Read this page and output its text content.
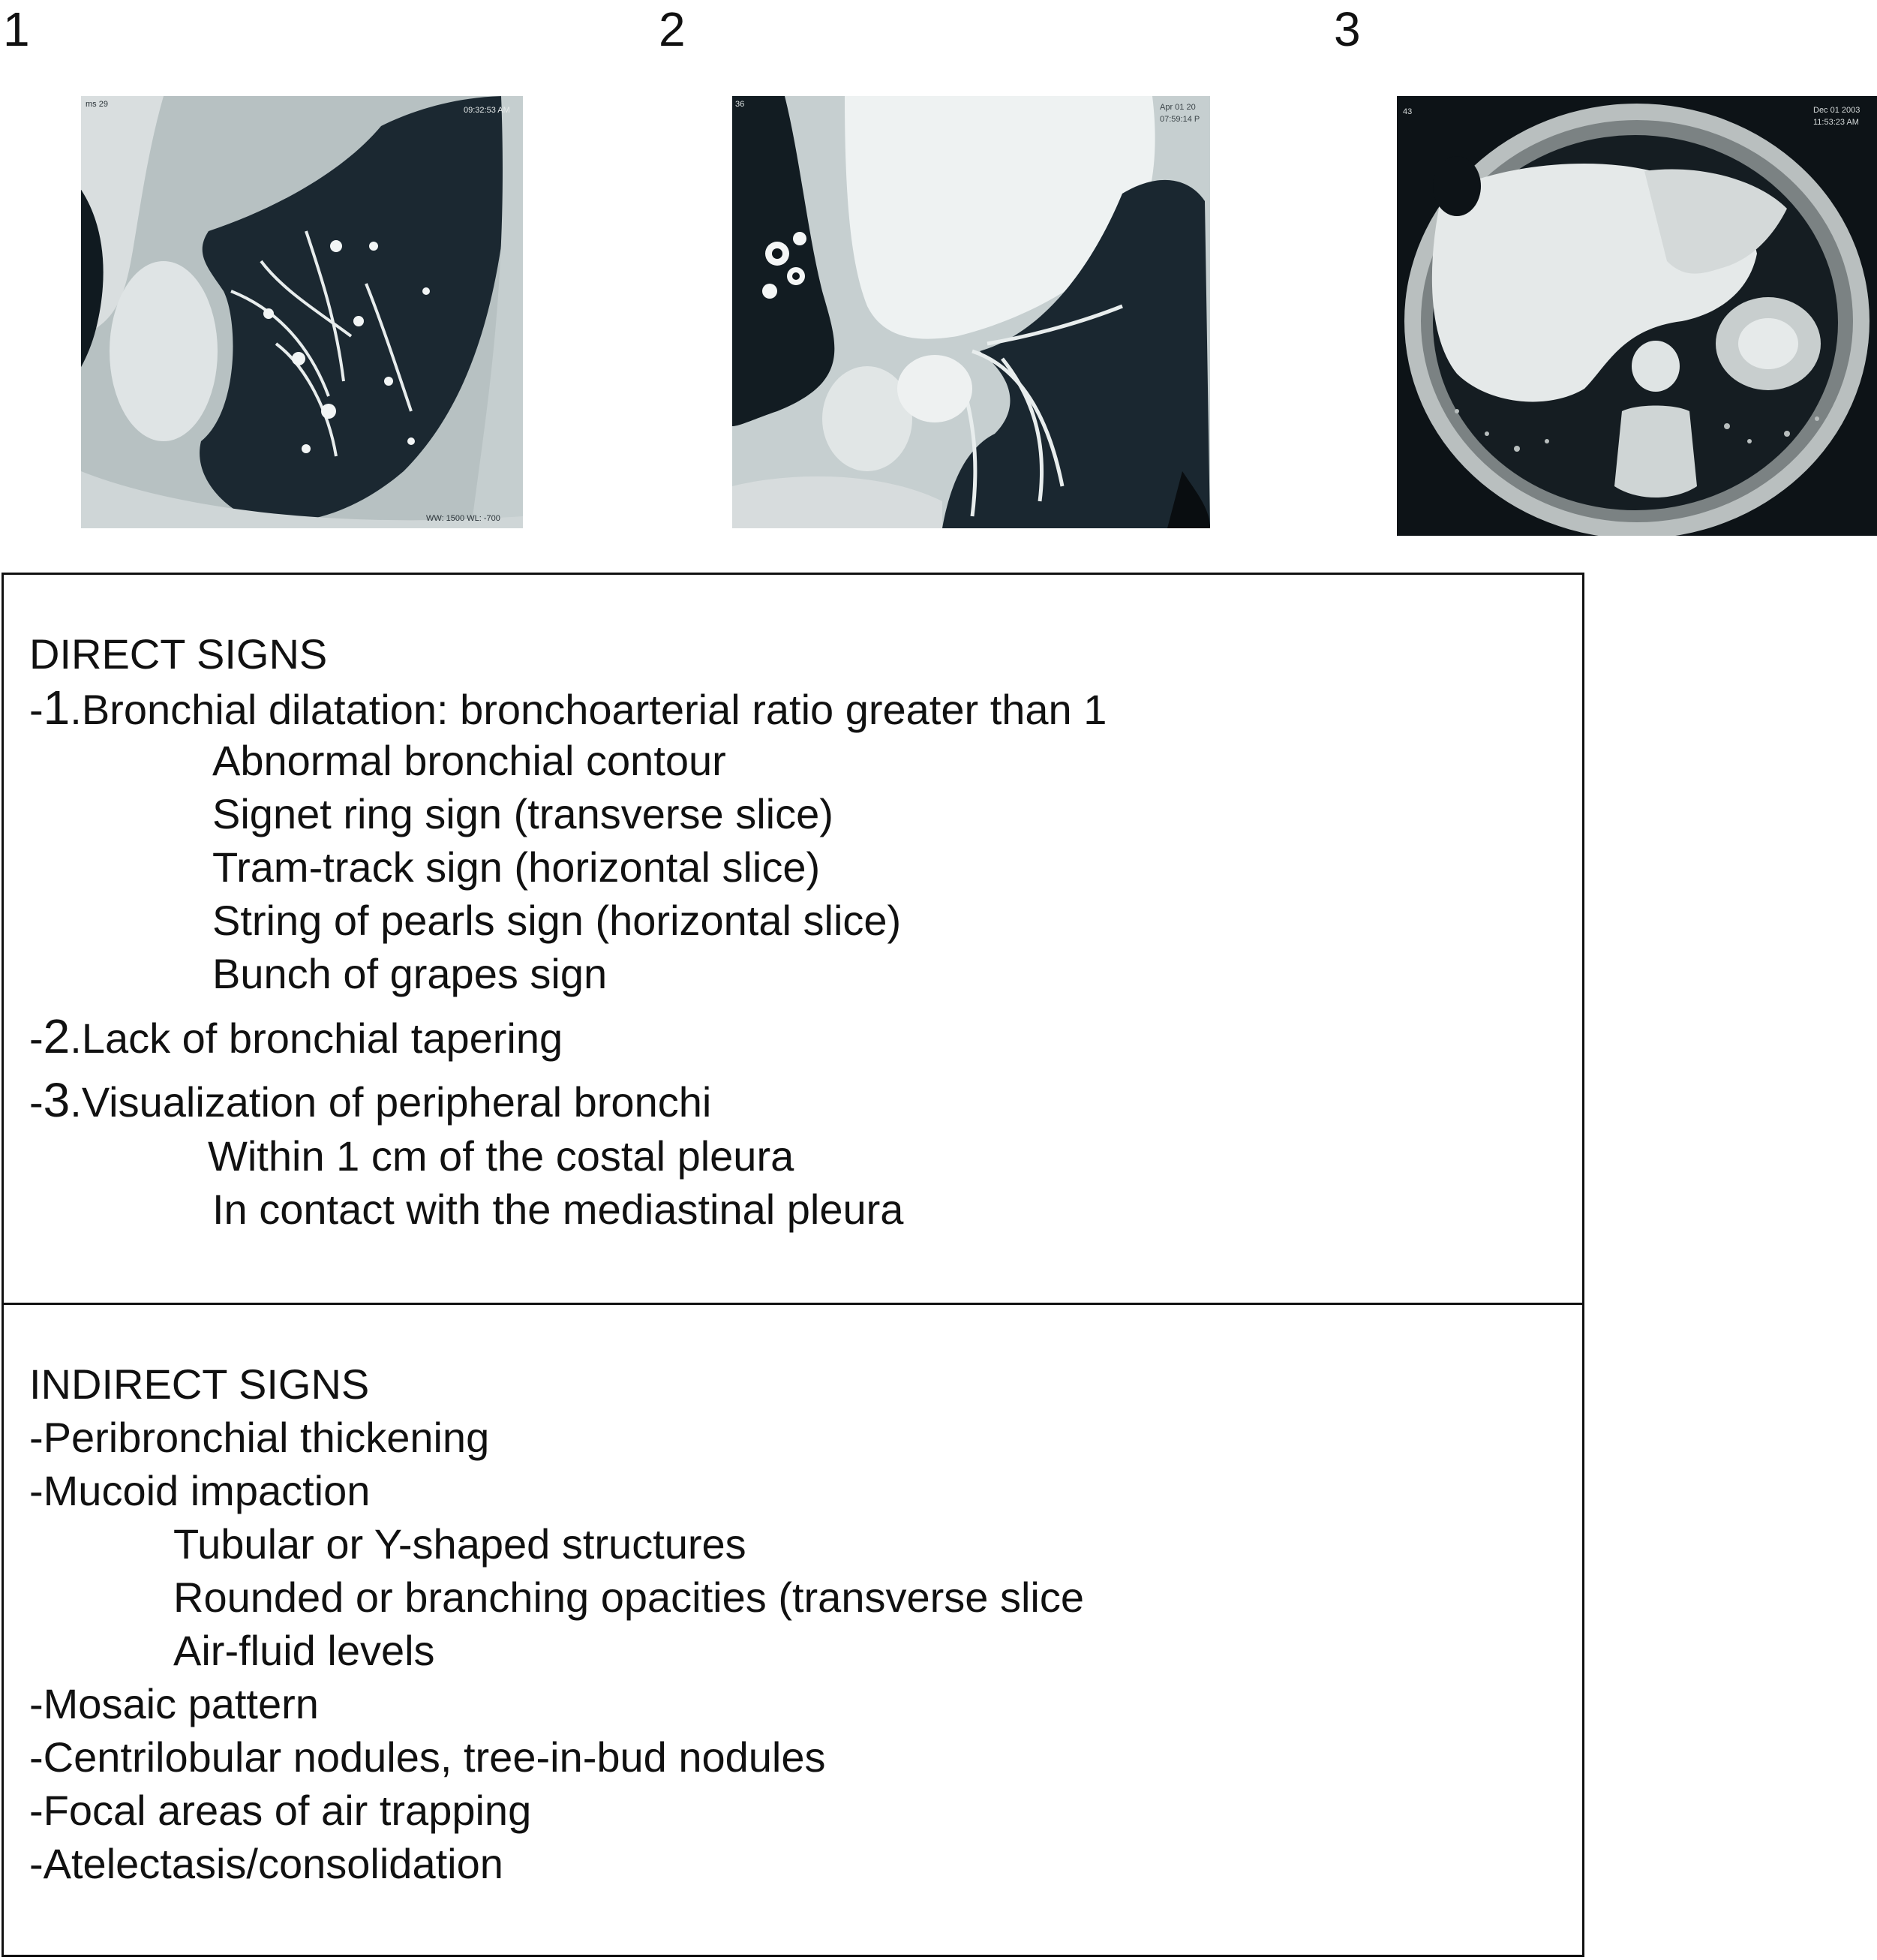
1	2	3
ms 29
09:32:53 AM
WW: 1500 WL: -700
36	Apr 01 20
07:59:14 P
43	Dec 01 2003
11:53:23 AM
DIRECT SIGNS
-1.Bronchial dilatation: bronchoarterial ratio greater than 1
Abnormal bronchial contour
Signet ring sign (transverse slice)
Tram-track sign (horizontal slice)
String of pearls sign (horizontal slice)
Bunch of grapes sign
-2.Lack of bronchial tapering
-3.Visualization of peripheral bronchi
Within 1 cm of the costal pleura
In contact with the mediastinal pleura
INDIRECT SIGNS
-Peribronchial thickening
-Mucoid impaction
Tubular or Y-shaped structures
Rounded or branching opacities (transverse slice
Air-fluid levels
-Mosaic pattern
-Centrilobular nodules, tree-in-bud nodules
-Focal areas of air trapping
-Atelectasis/consolidation
